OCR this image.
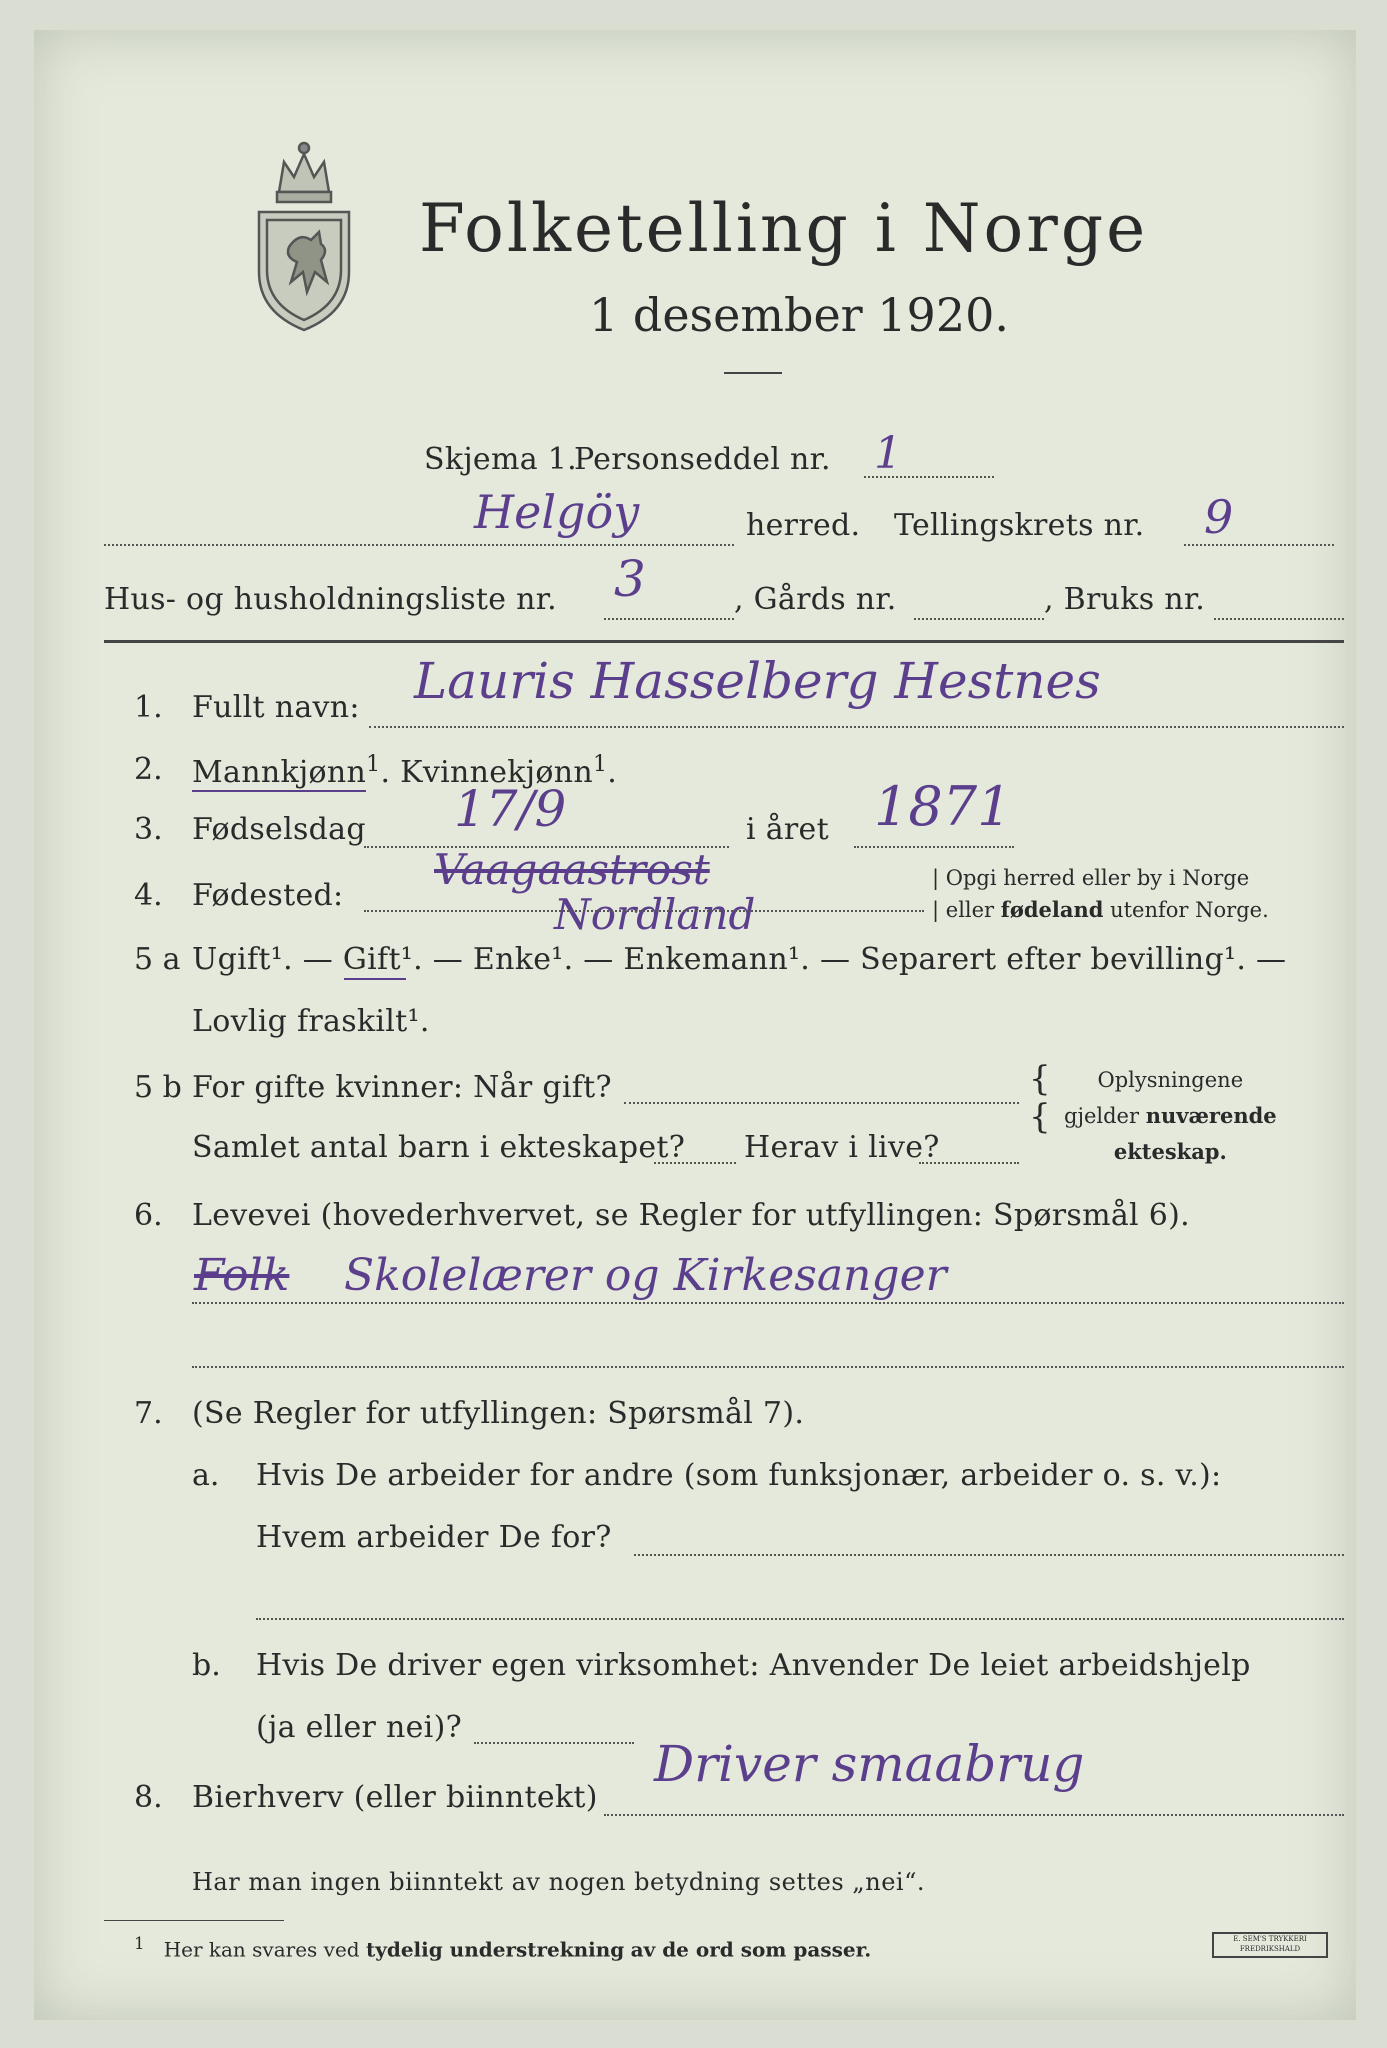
Folketelling i Norge
1 desember 1920.
Skjema 1.
Personseddel nr. 1
Helgöy	herred. Tellingskrets nr. 9
Hus- og husholdningsliste nr. 3	, Gårds nr.	, Bruks nr.
1. Fullt navn: Lauris Hasselberg Hestnes
2. Mannkjønn$^1$. Kvinnekjønn$^1$.
3. Fødselsdag 17/9	i året 1871
4. Fødested:
Vaagaastrost
Nordland
| Opgi herred eller by i Norge
| eller fødeland utenfor Norge.
5 a Ugift¹. — Gift¹. — Enke¹. — Enkemann¹. — Separert efter bevilling¹. —
Lovlig fraskilt¹.
5 b For gifte kvinner: Når gift?
Samlet antal barn i ekteskapet? Herav i live?
{
{
Oplysningene
gjelder nuværende
ekteskap.
6. Levevei (hovederhvervet, se Regler for utfyllingen: Spørsmål 6).
Folk Skolelærer og Kirkesanger
7. (Se Regler for utfyllingen: Spørsmål 7).
a. Hvis De arbeider for andre (som funksjonær, arbeider o. s. v.):
Hvem arbeider De for?
b. Hvis De driver egen virksomhet: Anvender De leiet arbeidshjelp
(ja eller nei)?
8. Bierhverv (eller biinntekt)
Driver smaabrug
Har man ingen biinntekt av nogen betydning settes „nei“.
$^1$ Her kan svares ved tydelig understrekning av de ord som passer.	E. SEM'S TRYKKERI FREDRIKSHALD
